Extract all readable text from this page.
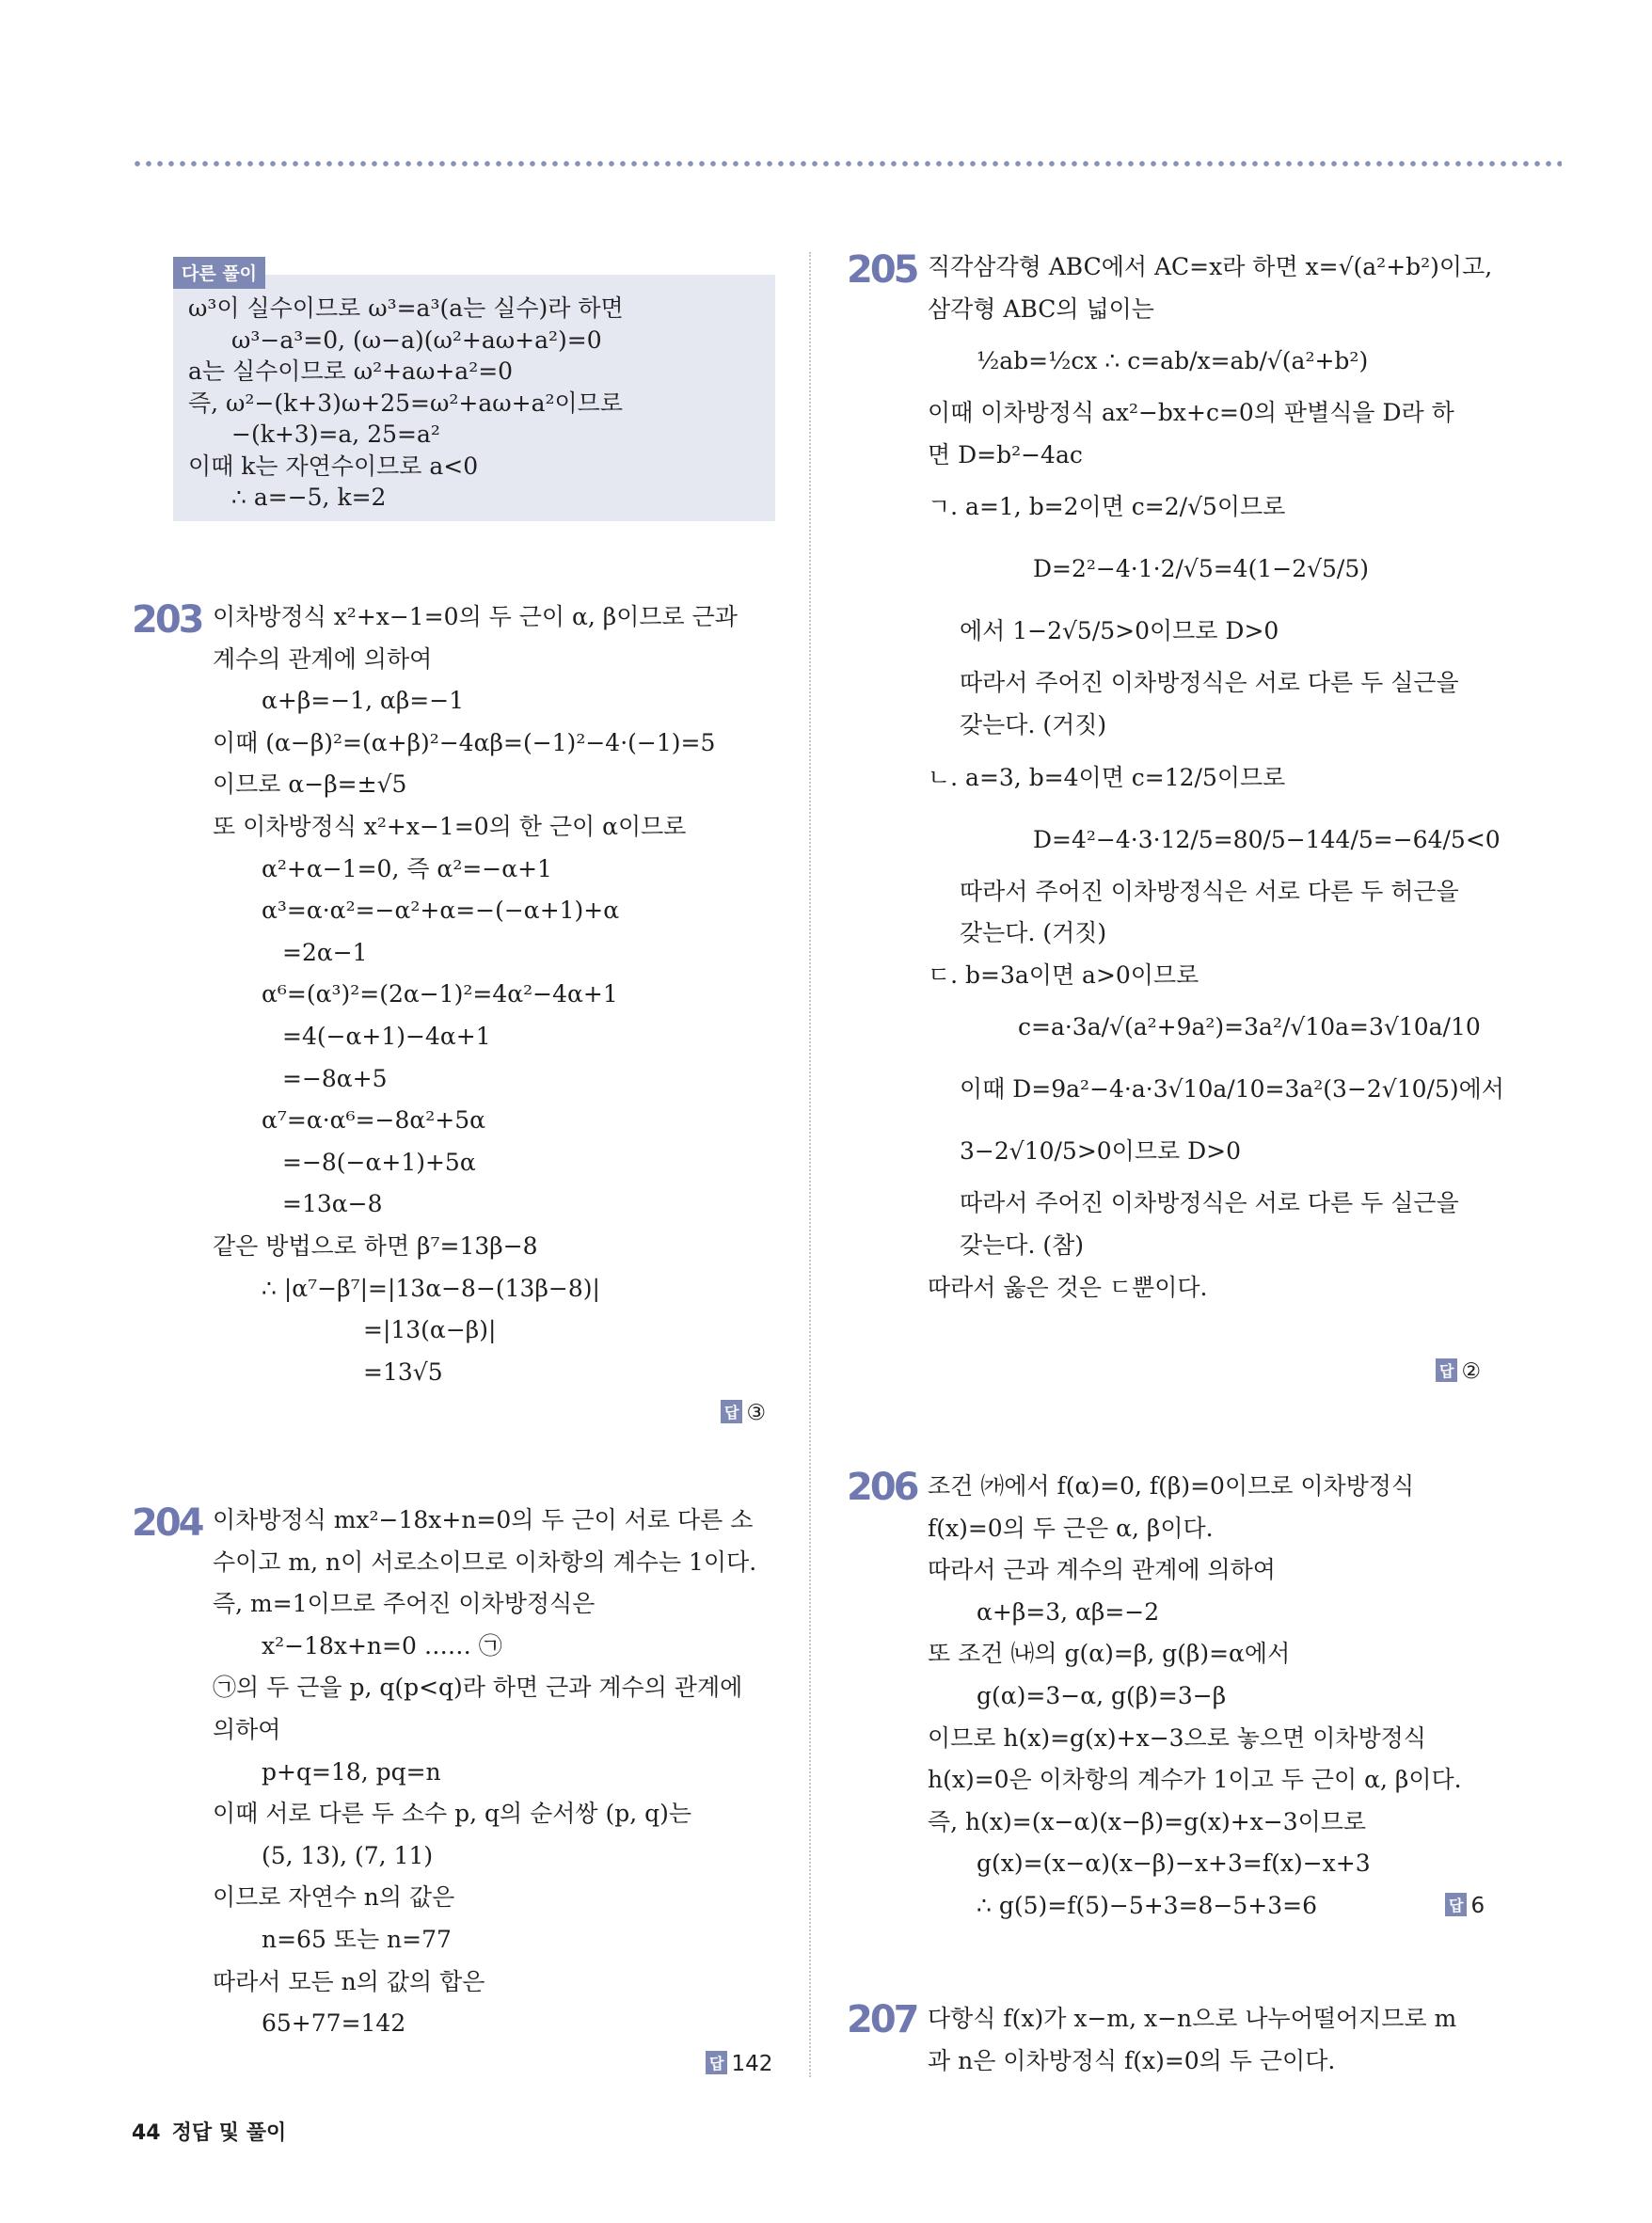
다른 풀이
ω³이 실수이므로 ω³=a³(a는 실수)라 하면
ω³−a³=0, (ω−a)(ω²+aω+a²)=0
a는 실수이므로 ω²+aω+a²=0
즉, ω²−(k+3)ω+25=ω²+aω+a²이므로
−(k+3)=a, 25=a²
이때 k는 자연수이므로 a<0
∴ a=−5, k=2
203 이차방정식 x²+x−1=0의 두 근이 α, β이므로 근과
계수의 관계에 의하여
α+β=−1, αβ=−1
이때 (α−β)²=(α+β)²−4αβ=(−1)²−4·(−1)=5
이므로 α−β=±√5
또 이차방정식 x²+x−1=0의 한 근이 α이므로
α²+α−1=0, 즉 α²=−α+1
α³=α·α²=−α²+α=−(−α+1)+α
=2α−1
α⁶=(α³)²=(2α−1)²=4α²−4α+1
=4(−α+1)−4α+1
=−8α+5
α⁷=α·α⁶=−8α²+5α
=−8(−α+1)+5α
=13α−8
같은 방법으로 하면 β⁷=13β−8
∴ |α⁷−β⁷|=|13α−8−(13β−8)|
=|13(α−β)|
=13√5
답 ③
204 이차방정식 mx²−18x+n=0의 두 근이 서로 다른 소
수이고 m, n이 서로소이므로 이차항의 계수는 1이다.
즉, m=1이므로 주어진 이차방정식은
x²−18x+n=0 …… ㉠
㉠의 두 근을 p, q(p<q)라 하면 근과 계수의 관계에
의하여
p+q=18, pq=n
이때 서로 다른 두 소수 p, q의 순서쌍 (p, q)는
(5, 13), (7, 11)
이므로 자연수 n의 값은
n=65 또는 n=77
따라서 모든 n의 값의 합은
65+77=142
답 142
205 직각삼각형 ABC에서 AC=x라 하면 x=√(a²+b²)이고,
삼각형 ABC의 넓이는
½ab=½cx ∴ c=ab/x=ab/√(a²+b²)
이때 이차방정식 ax²−bx+c=0의 판별식을 D라 하
면 D=b²−4ac
ㄱ. a=1, b=2이면 c=2/√5이므로
D=2²−4·1·2/√5=4(1−2√5/5)
에서 1−2√5/5>0이므로 D>0
따라서 주어진 이차방정식은 서로 다른 두 실근을
갖는다. (거짓)
ㄴ. a=3, b=4이면 c=12/5이므로
D=4²−4·3·12/5=80/5−144/5=−64/5<0
따라서 주어진 이차방정식은 서로 다른 두 허근을
갖는다. (거짓)
ㄷ. b=3a이면 a>0이므로
c=a·3a/√(a²+9a²)=3a²/√10a=3√10a/10
이때 D=9a²−4·a·3√10a/10=3a²(3−2√10/5)에서
3−2√10/5>0이므로 D>0
따라서 주어진 이차방정식은 서로 다른 두 실근을
갖는다. (참)
따라서 옳은 것은 ㄷ뿐이다.
답 ②
206 조건 ㈎에서 f(α)=0, f(β)=0이므로 이차방정식
f(x)=0의 두 근은 α, β이다.
따라서 근과 계수의 관계에 의하여
α+β=3, αβ=−2
또 조건 ㈏의 g(α)=β, g(β)=α에서
g(α)=3−α, g(β)=3−β
이므로 h(x)=g(x)+x−3으로 놓으면 이차방정식
h(x)=0은 이차항의 계수가 1이고 두 근이 α, β이다.
즉, h(x)=(x−α)(x−β)=g(x)+x−3이므로
g(x)=(x−α)(x−β)−x+3=f(x)−x+3
∴ g(5)=f(5)−5+3=8−5+3=6	답 6
207 다항식 f(x)가 x−m, x−n으로 나누어떨어지므로 m
과 n은 이차방정식 f(x)=0의 두 근이다.
44 정답 및 풀이
